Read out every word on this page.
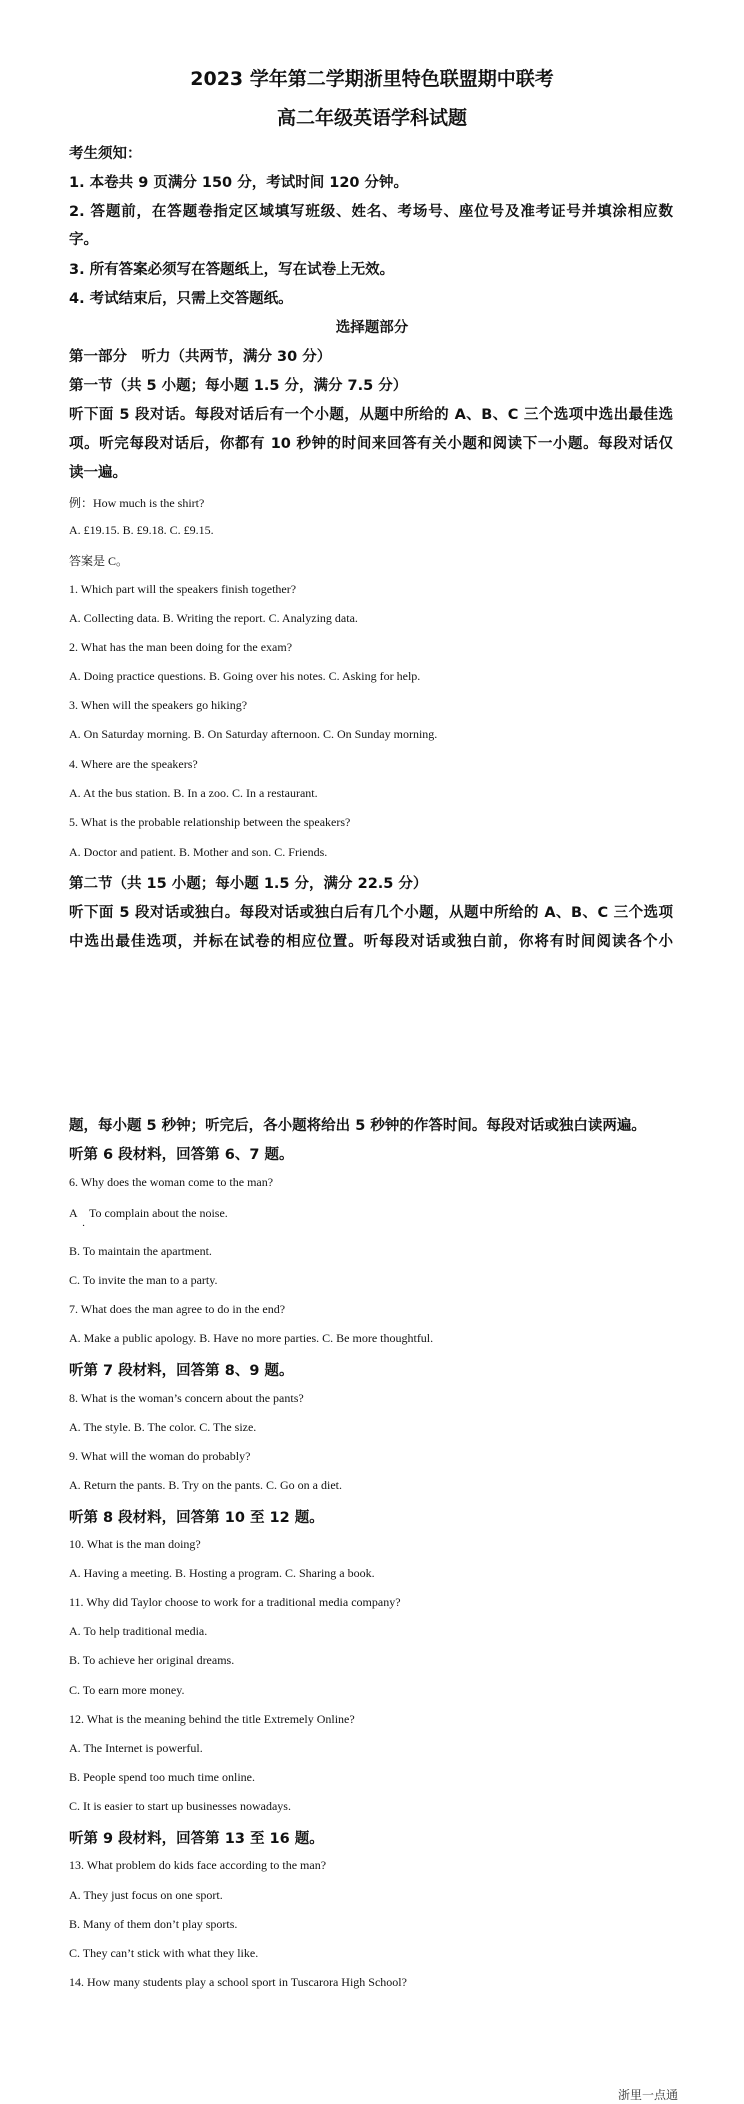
2023 学年第二学期浙里特色联盟期中联考
高二年级英语学科试题
考生须知：
1. 本卷共 9 页满分 150 分，考试时间 120 分钟。
2. 答题前，在答题卷指定区域填写班级、姓名、考场号、座位号及准考证号并填涂相应数
字。
3. 所有答案必须写在答题纸上，写在试卷上无效。
4. 考试结束后，只需上交答题纸。
选择题部分
第一部分　听力（共两节，满分 30 分）
第一节（共 5 小题；每小题 1.5 分，满分 7.5 分）
听下面 5 段对话。每段对话后有一个小题，从题中所给的 A、B、C 三个选项中选出最佳选
项。听完每段对话后，你都有 10 秒钟的时间来回答有关小题和阅读下一小题。每段对话仅
读一遍。
例：How much is the shirt?
A. £19.15. B. £9.18. C. £9.15.
答案是 C。
1. Which part will the speakers finish together?
A. Collecting data. B. Writing the report. C. Analyzing data.
2. What has the man been doing for the exam?
A. Doing practice questions. B. Going over his notes. C. Asking for help.
3. When will the speakers go hiking?
A. On Saturday morning. B. On Saturday afternoon. C. On Sunday morning.
4. Where are the speakers?
A. At the bus station. B. In a zoo. C. In a restaurant.
5. What is the probable relationship between the speakers?
A. Doctor and patient. B. Mother and son. C. Friends.
第二节（共 15 小题；每小题 1.5 分，满分 22.5 分）
听下面 5 段对话或独白。每段对话或独白后有几个小题，从题中所给的 A、B、C 三个选项
中选出最佳选项，并标在试卷的相应位置。听每段对话或独白前，你将有时间阅读各个小
题，每小题 5 秒钟；听完后，各小题将给出 5 秒钟的作答时间。每段对话或独白读两遍。
听第 6 段材料，回答第 6、7 题。
6. Why does the woman come to the man?
A　To complain about the noise.
．
B. To maintain the apartment.
C. To invite the man to a party.
7. What does the man agree to do in the end?
A. Make a public apology. B. Have no more parties. C. Be more thoughtful.
听第 7 段材料，回答第 8、9 题。
8. What is the woman’s concern about the pants?
A. The style. B. The color. C. The size.
9. What will the woman do probably?
A. Return the pants. B. Try on the pants. C. Go on a diet.
听第 8 段材料，回答第 10 至 12 题。
10. What is the man doing?
A. Having a meeting. B. Hosting a program. C. Sharing a book.
11. Why did Taylor choose to work for a traditional media company?
A. To help traditional media.
B. To achieve her original dreams.
C. To earn more money.
12. What is the meaning behind the title Extremely Online?
A. The Internet is powerful.
B. People spend too much time online.
C. It is easier to start up businesses nowadays.
听第 9 段材料，回答第 13 至 16 题。
13. What problem do kids face according to the man?
A. They just focus on one sport.
B. Many of them don’t play sports.
C. They can’t stick with what they like.
14. How many students play a school sport in Tuscarora High School?
浙里一点通
